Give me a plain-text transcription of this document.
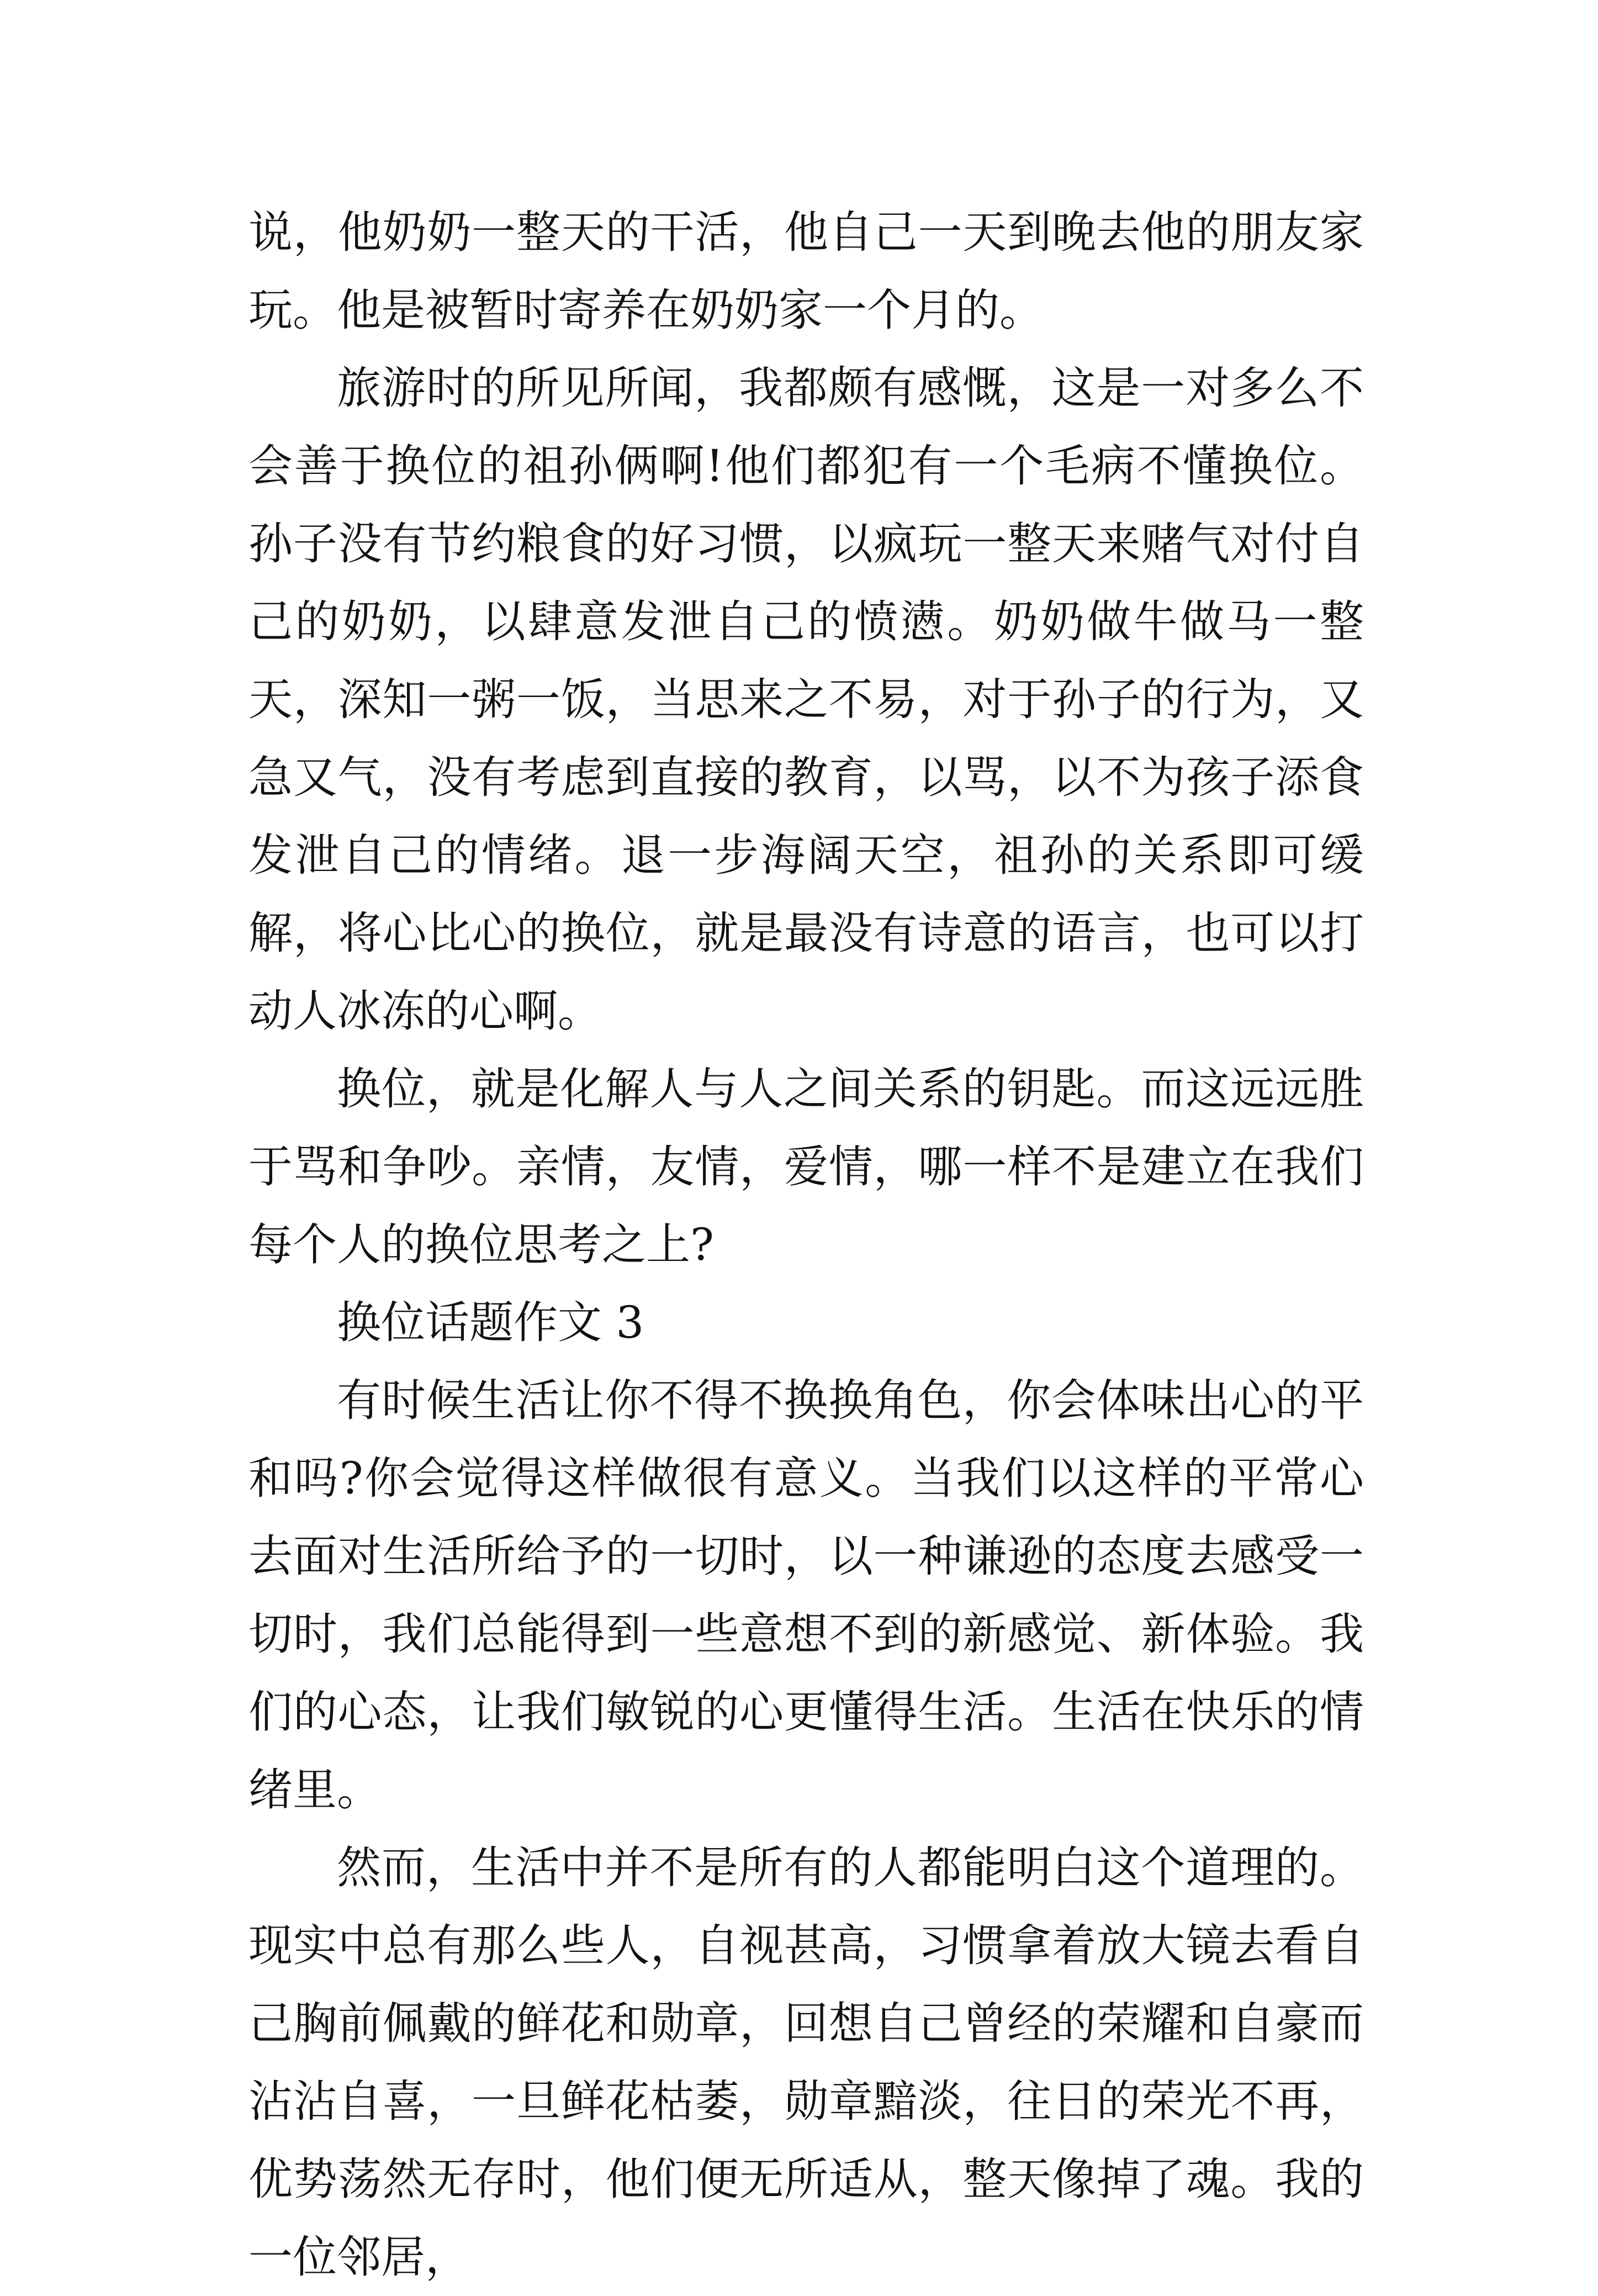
说，他奶奶一整天的干活，他自己一天到晚去他的朋友家玩。他是被暂时寄养在奶奶家一个月的。

旅游时的所见所闻，我都颇有感慨，这是一对多么不会善于换位的祖孙俩啊!他们都犯有一个毛病不懂换位。孙子没有节约粮食的好习惯，以疯玩一整天来赌气对付自己的奶奶，以肆意发泄自己的愤懑。奶奶做牛做马一整天，深知一粥一饭，当思来之不易，对于孙子的行为，又急又气，没有考虑到直接的教育，以骂，以不为孩子添食发泄自己的情绪。退一步海阔天空，祖孙的关系即可缓解，将心比心的换位，就是最没有诗意的语言，也可以打动人冰冻的心啊。

换位，就是化解人与人之间关系的钥匙。而这远远胜于骂和争吵。亲情，友情，爱情，哪一样不是建立在我们每个人的换位思考之上?

换位话题作文 3

有时候生活让你不得不换换角色，你会体味出心的平和吗?你会觉得这样做很有意义。当我们以这样的平常心去面对生活所给予的一切时，以一种谦逊的态度去感受一切时，我们总能得到一些意想不到的新感觉、新体验。我们的心态，让我们敏锐的心更懂得生活。生活在快乐的情绪里。

然而，生活中并不是所有的人都能明白这个道理的。现实中总有那么些人，自视甚高，习惯拿着放大镜去看自己胸前佩戴的鲜花和勋章，回想自己曾经的荣耀和自豪而沾沾自喜，一旦鲜花枯萎，勋章黯淡，往日的荣光不再，优势荡然无存时，他们便无所适从，整天像掉了魂。我的一位邻居，
